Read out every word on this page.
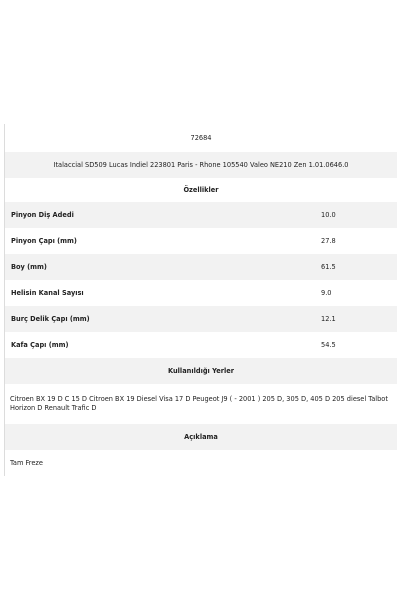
72684
Italaccial SD509 Lucas Indiel 223801 Paris - Rhone 105540 Valeo NE210 Zen 1.01.0646.0
Özellikler
Pinyon Diş Adedi	10.0
Pinyon Çapı (mm)	27.8
Boy (mm)	61.5
Helisin Kanal Sayısı	9.0
Burç Delik Çapı (mm)	12.1
Kafa Çapı (mm)	54.5
Kullanıldığı Yerler
Citroen BX 19 D C 15 D Citroen BX 19 Diesel Visa 17 D Peugeot J9 ( - 2001 ) 205 D, 305 D, 405 D 205 diesel Talbot Horizon D Renault Trafic D
Açıklama
Tam Freze
